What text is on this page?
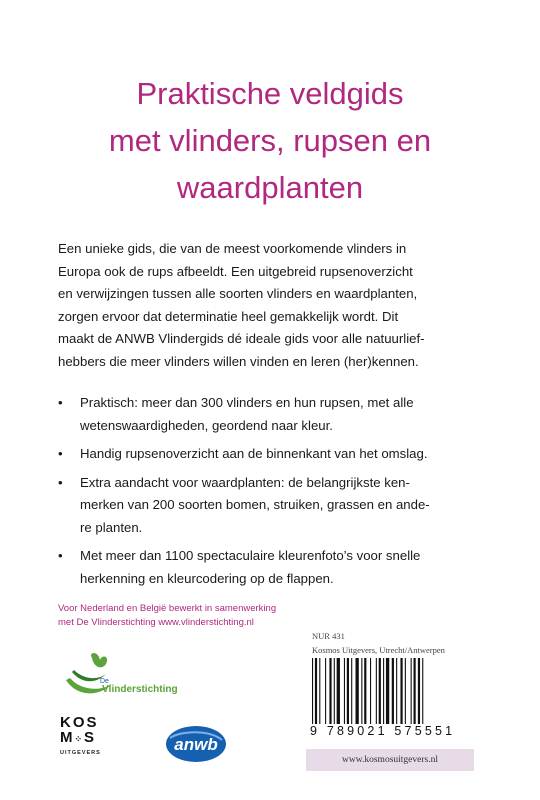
Praktische veldgids
met vlinders, rupsen en
waardplanten
Een unieke gids, die van de meest voorkomende vlinders in
Europa ook de rups afbeeldt. Een uitgebreid rupsenoverzicht
en verwijzingen tussen alle soorten vlinders en waardplanten,
zorgen ervoor dat determinatie heel gemakkelijk wordt. Dit
maakt de ANWB Vlindergids dé ideale gids voor alle natuurlief-
hebbers die meer vlinders willen vinden en leren (her)kennen.
• Praktisch: meer dan 300 vlinders en hun rupsen, met alle
wetenswaardigheden, geordend naar kleur.
• Handig rupsenoverzicht aan de binnenkant van het omslag.
• Extra aandacht voor waardplanten: de belangrijkste ken-
merken van 200 soorten bomen, struiken, grassen en ande-
re planten.
• Met meer dan 1100 spectaculaire kleurenfoto’s voor snelle
herkenning en kleurcodering op de flappen.
Voor Nederland en België bewerkt in samenwerking
met De Vlinderstichting www.vlinderstichting.nl
NUR 431
Kosmos Uitgevers, Utrecht/Antwerpen
9 789021 575551
www.kosmosuitgevers.nl
De
Vlinderstichting
KOS
M⁘S
UITGEVERS	anwb
